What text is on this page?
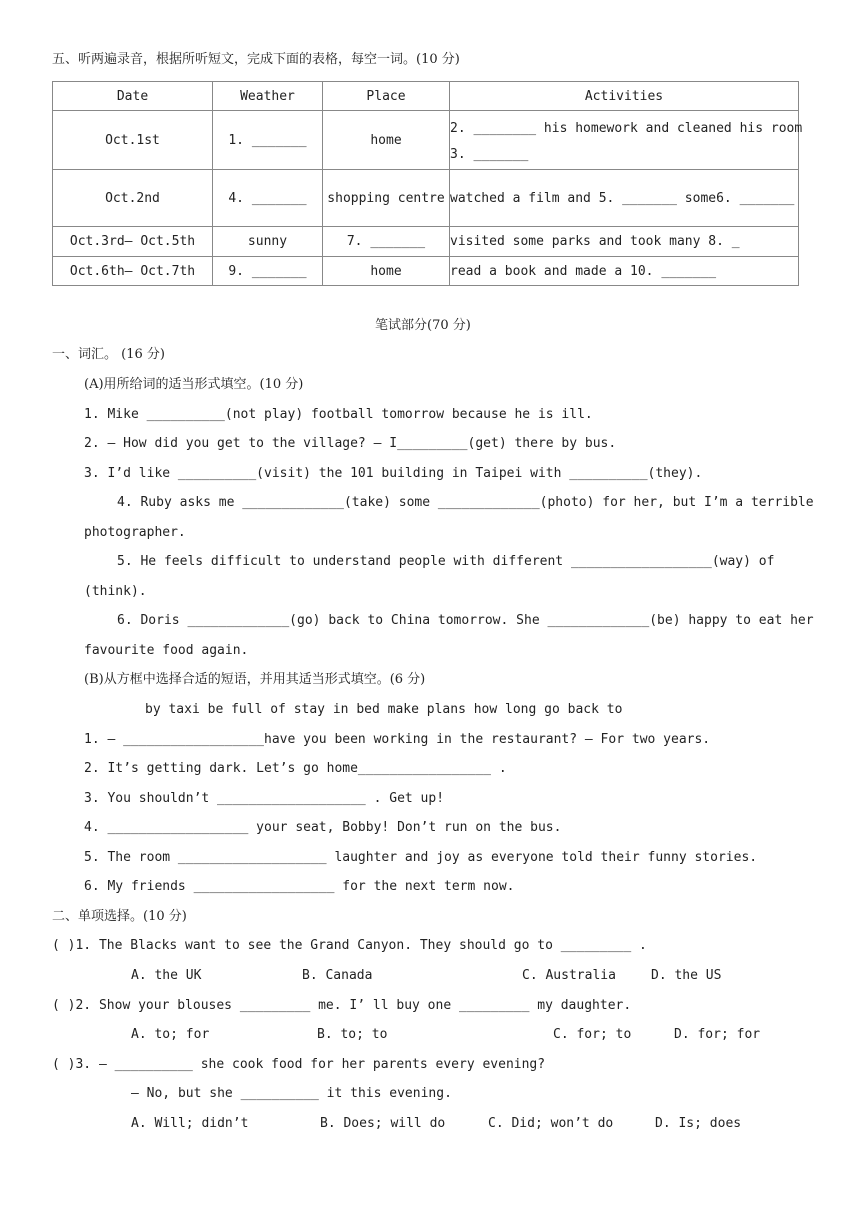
五、听两遍录音，根据所听短文，完成下面的表格，每空一词。(10 分)
Date	Weather	Place	Activities
Oct.1st	1. _______	home	2. ________ his homework and cleaned his room
3. _______

Oct.2nd	4. _______	shopping centre	watched a film and 5. _______ some6. _______
Oct.3rd— Oct.5th	sunny	7. _______	visited some parks and took many 8. _
Oct.6th— Oct.7th	9. _______	home	read a book and made a 10. _______
笔试部分(70 分)
一、词汇。 (16 分)
(A)用所给词的适当形式填空。(10 分)
1. Mike __________(not play) football tomorrow because he is ill.
2. — How did you get to the village? — I_________(get) there by bus.
3. I’d like __________(visit) the 101 building in Taipei with __________(they).
4. Ruby asks me _____________(take) some _____________(photo) for her, but I’m a terrible
photographer.
5. He feels difficult to understand people with different __________________(way) of
(think).
6. Doris _____________(go) back to China tomorrow. She _____________(be) happy to eat her
favourite food again.
(B)从方框中选择合适的短语，并用其适当形式填空。(6 分)
by taxi be full of stay in bed make plans how long go back to
1. — __________________have you been working in the restaurant? — For two years.
2. It’s getting dark. Let’s go home_________________ .
3. You shouldn’t ___________________ . Get up!
4. __________________ your seat, Bobby! Don’t run on the bus.
5. The room ___________________ laughter and joy as everyone told their funny stories.
6. My friends __________________ for the next term now.
二、单项选择。(10 分)
( )1. The Blacks want to see the Grand Canyon. They should go to _________ .
A. the UK	B. Canada	C. Australia	D. the US
( )2. Show your blouses _________ me. I’ ll buy one _________ my daughter.
A. to; for	B. to; to	C. for; to	D. for; for
( )3. — __________ she cook food for her parents every evening?
— No, but she __________ it this evening.
A. Will; didn’t	B. Does; will do	C. Did; won’t do	D. Is; does
